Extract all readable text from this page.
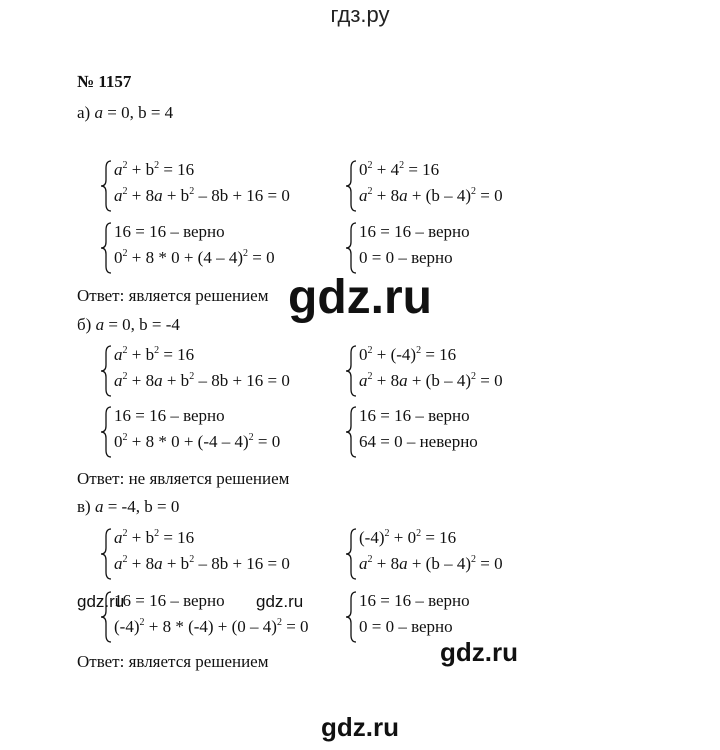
гдз.ру
№ 1157
а) a = 0, b = 4
$a^2 + b^2 = 16$
$a^2 + 8a + b^2 - 8b + 16 = 0$
$0^2 + 4^2 = 16$
$a^2 + 8a + (b - 4)^2 = 0$
16 = 16 – верно
$0^2 + 8 * 0 + (4 - 4)^2 = 0$
16 = 16 – верно
0 = 0 – верно
Ответ: является решением
б) a = 0, b = -4
$a^2 + b^2 = 16$
$a^2 + 8a + b^2 - 8b + 16 = 0$
$0^2 + (-4)^2 = 16$
$a^2 + 8a + (b - 4)^2 = 0$
16 = 16 – верно
$0^2 + 8 * 0 + (-4 - 4)^2 = 0$
16 = 16 – верно
64 = 0 – неверно
Ответ: не является решением
в) a = -4, b = 0
$a^2 + b^2 = 16$
$a^2 + 8a + b^2 - 8b + 16 = 0$
$(-4)^2 + 0^2 = 16$
$a^2 + 8a + (b - 4)^2 = 0$
16 = 16 – верно
$(-4)^2 + 8 * (-4) + (0 - 4)^2 = 0$
16 = 16 – верно
0 = 0 – верно
Ответ: является решением
gdz.ru
gdz.ru	gdz.ru
gdz.ru
gdz.ru
